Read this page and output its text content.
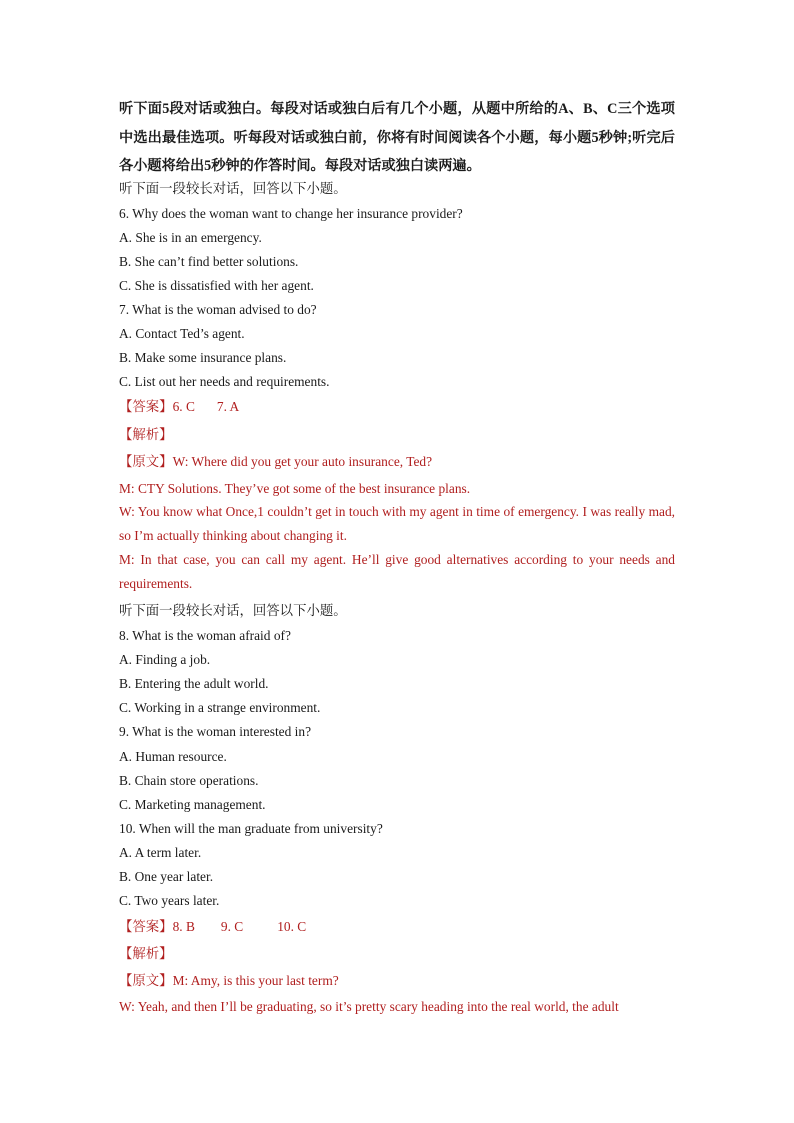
听下面5段对话或独白。每段对话或独白后有几个小题，从题中所给的A、B、C三个选项中选出最佳选项。听每段对话或独白前，你将有时间阅读各个小题，每小题5秒钟;听完后各小题将给出5秒钟的作答时间。每段对话或独白读两遍。
听下面一段较长对话，回答以下小题。
6. Why does the woman want to change her insurance provider?
A. She is in an emergency.
B. She can’t find better solutions.
C. She is dissatisfied with her agent.
7. What is the woman advised to do?
A. Contact Ted’s agent.
B. Make some insurance plans.
C. List out her needs and requirements.
【答案】6. C 7. A
【解析】
【原文】W: Where did you get your auto insurance, Ted?
M: CTY Solutions. They’ve got some of the best insurance plans.
W: You know what Once,1 couldn’t get in touch with my agent in time of emergency. I was really mad, so I’m actually thinking about changing it.
M: In that case, you can call my agent. He’ll give good alternatives according to your needs and requirements.
听下面一段较长对话，回答以下小题。
8. What is the woman afraid of?
A. Finding a job.
B. Entering the adult world.
C. Working in a strange environment.
9. What is the woman interested in?
A. Human resource.
B. Chain store operations.
C. Marketing management.
10. When will the man graduate from university?
A. A term later.
B. One year later.
C. Two years later.
【答案】8. B 9. C	10. C
【解析】
【原文】M: Amy, is this your last term?
W: Yeah, and then I’ll be graduating, so it’s pretty scary heading into the real world, the adult
